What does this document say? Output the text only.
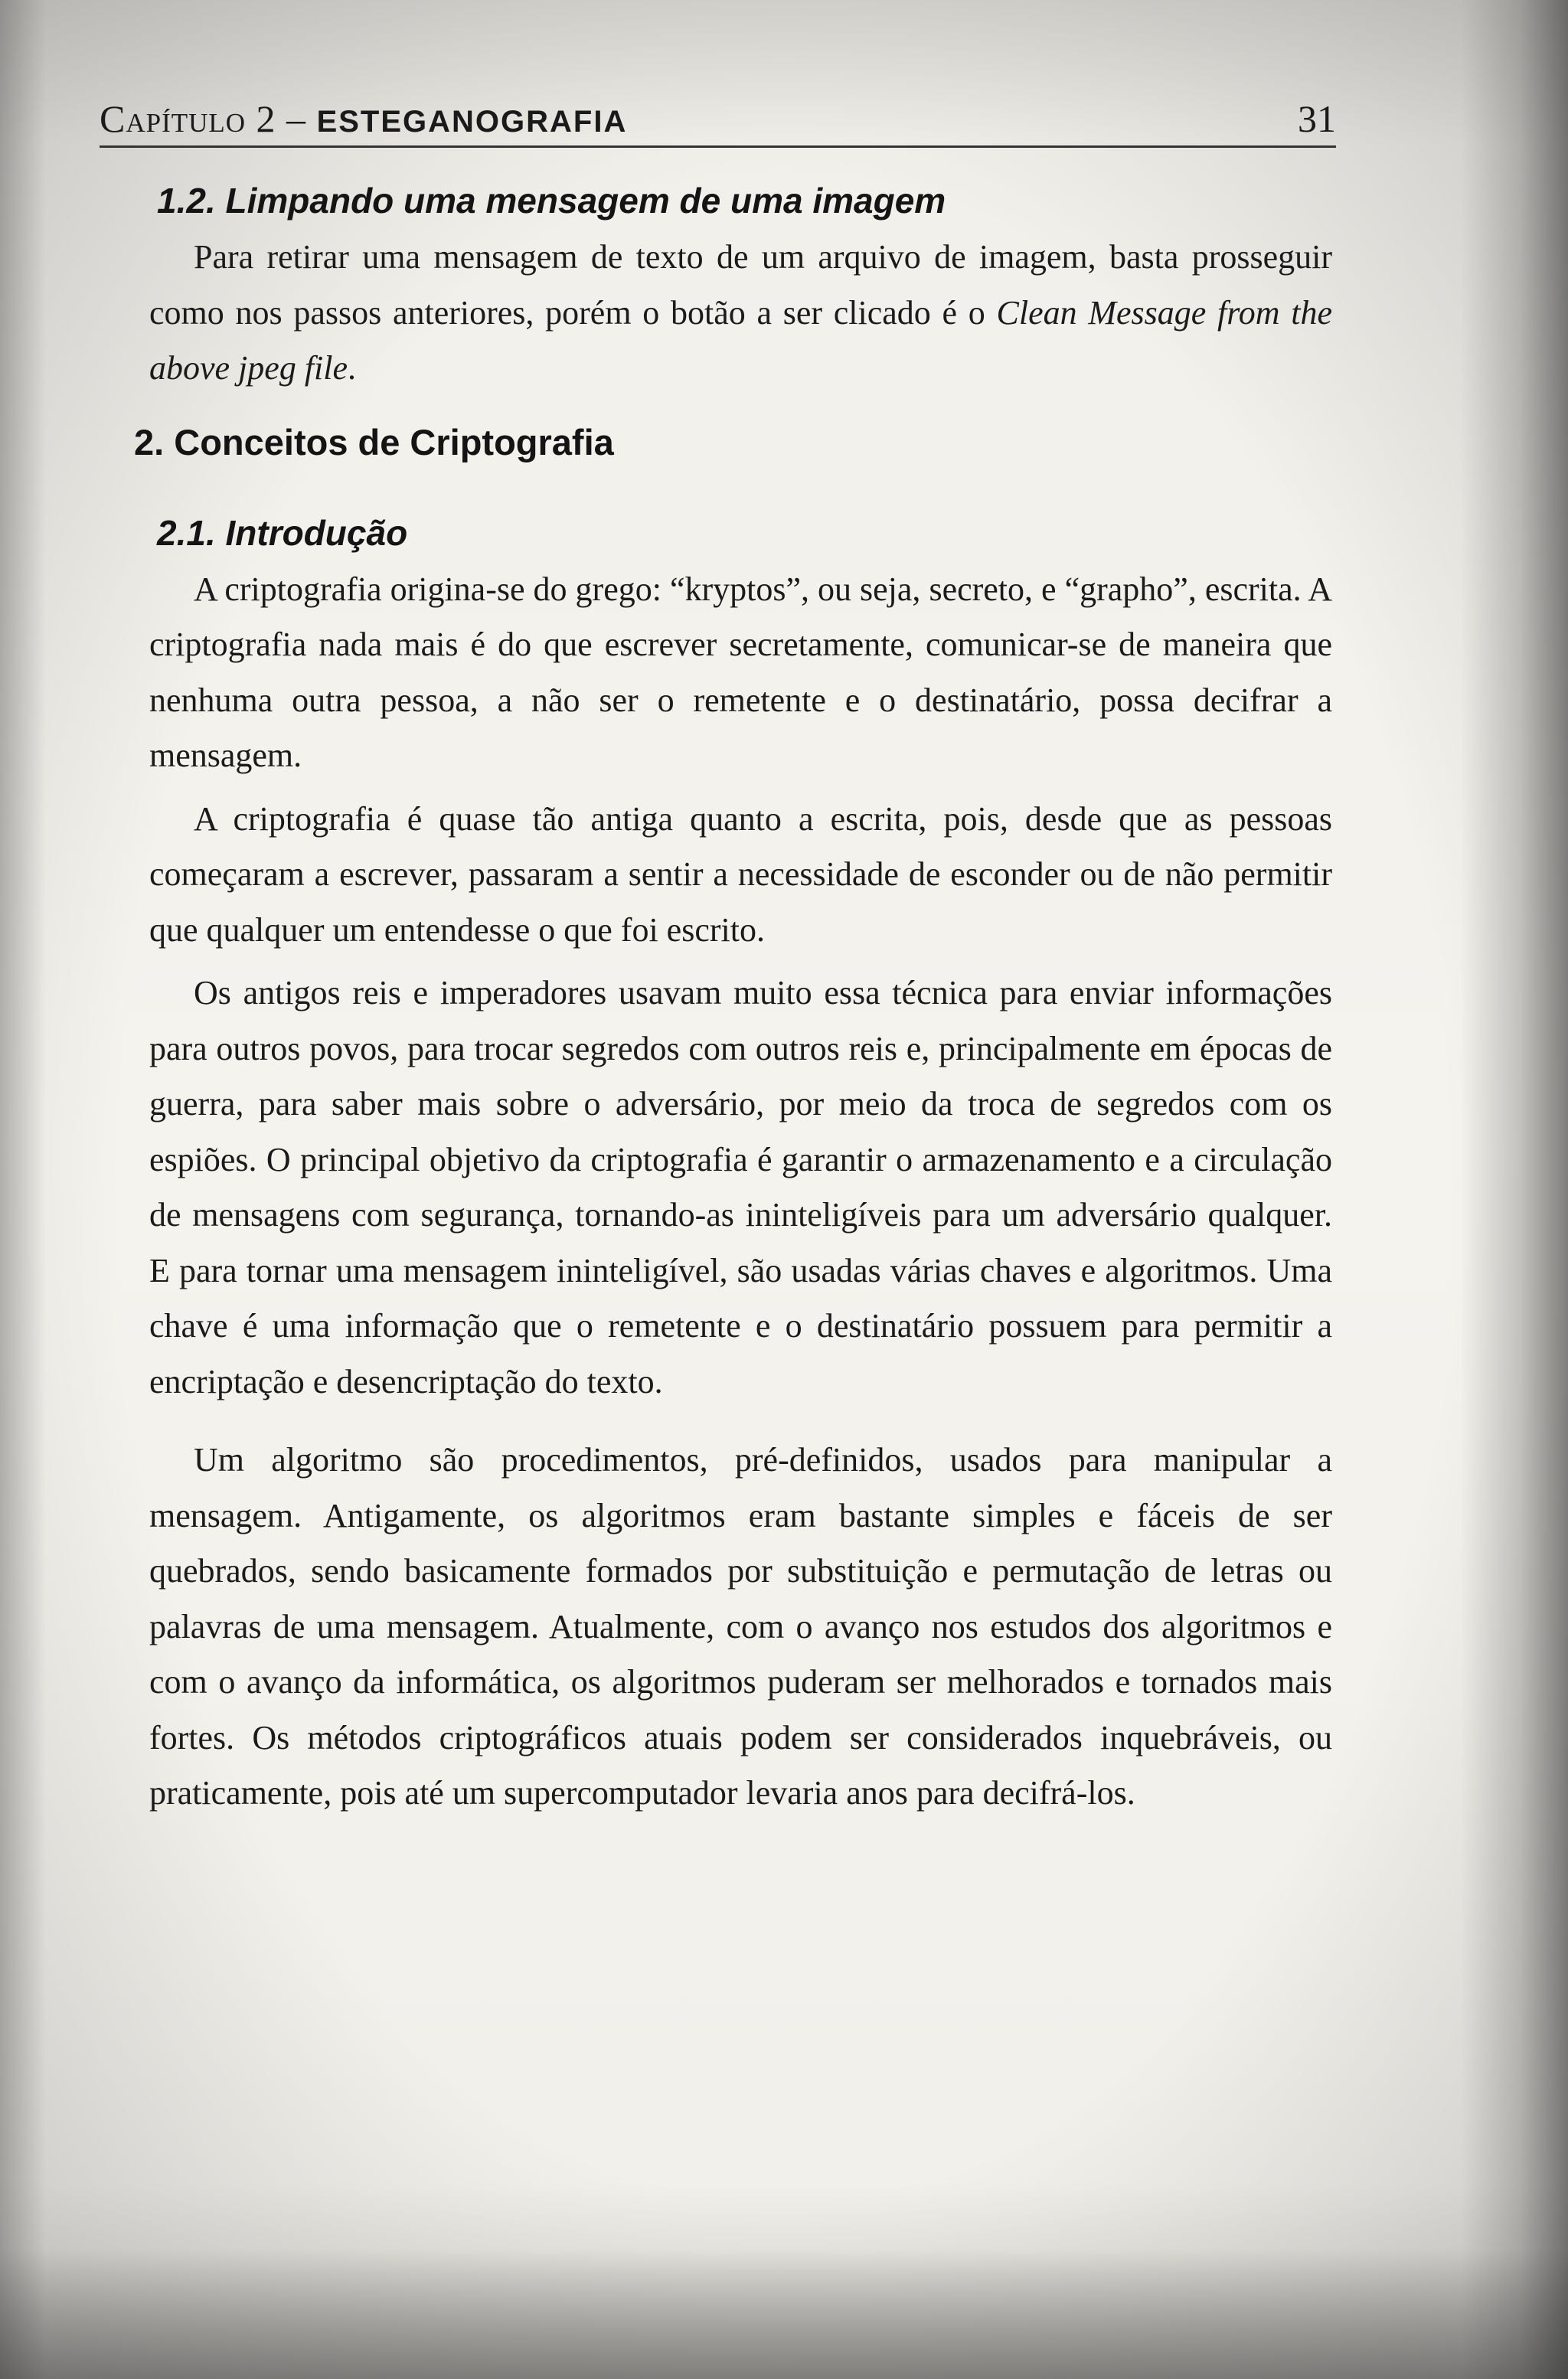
Capítulo 2 – ESTEGANOGRAFIA	31
1.2. Limpando uma mensagem de uma imagem

Para retirar uma mensagem de texto de um arquivo de imagem, basta prosseguir como nos passos anteriores, porém o botão a ser clicado é o Clean Message from the above jpeg file.

2. Conceitos de Criptografia
2.1. Introdução

A criptografia origina-se do grego: “kryptos”, ou seja, secreto, e “grapho”, escrita. A criptografia nada mais é do que escrever secretamente, comunicar-se de maneira que nenhuma outra pessoa, a não ser o remetente e o destinatário, possa decifrar a mensagem.

A criptografia é quase tão antiga quanto a escrita, pois, desde que as pessoas começaram a escrever, passaram a sentir a necessidade de esconder ou de não permitir que qualquer um entendesse o que foi escrito.

Os antigos reis e imperadores usavam muito essa técnica para enviar informações para outros povos, para trocar segredos com outros reis e, principalmente em épocas de guerra, para saber mais sobre o adversário, por meio da troca de segredos com os espiões. O principal objetivo da criptografia é garantir o armazenamento e a circulação de mensagens com segurança, tornando-as ininteligíveis para um adversário qualquer. E para tornar uma mensagem ininteligível, são usadas várias chaves e algoritmos. Uma chave é uma informação que o remetente e o destinatário possuem para permitir a encriptação e desencriptação do texto.

Um algoritmo são procedimentos, pré-definidos, usados para manipular a mensagem. Antigamente, os algoritmos eram bastante simples e fáceis de ser quebrados, sendo basicamente formados por substituição e permutação de letras ou palavras de uma mensagem. Atualmente, com o avanço nos estudos dos algoritmos e com o avanço da informática, os algoritmos puderam ser melhorados e tornados mais fortes. Os métodos criptográficos atuais podem ser considerados inquebráveis, ou praticamente, pois até um supercomputador levaria anos para decifrá-los.
